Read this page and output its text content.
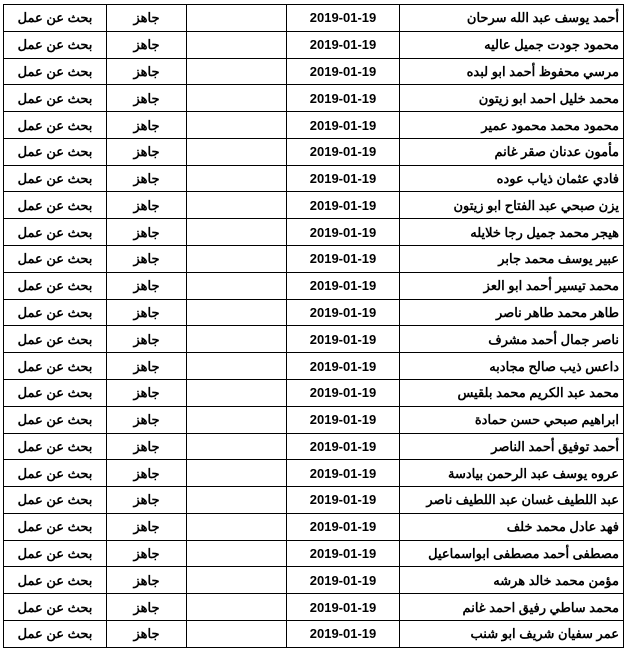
بحث عن عمل	جاهز		2019-01-19	أحمد يوسف عبد الله سرحان
بحث عن عمل	جاهز		2019-01-19	محمود جودت جميل عاليه
بحث عن عمل	جاهز		2019-01-19	مرسي محفوظ أحمد ابو لبده
بحث عن عمل	جاهز		2019-01-19	محمد خليل احمد ابو زيتون
بحث عن عمل	جاهز		2019-01-19	محمود محمد محمود عمير
بحث عن عمل	جاهز		2019-01-19	مأمون عدنان صقر غانم
بحث عن عمل	جاهز		2019-01-19	فادي عثمان ذياب عوده
بحث عن عمل	جاهز		2019-01-19	يزن صبحي عبد الفتاح ابو زيتون
بحث عن عمل	جاهز		2019-01-19	هيجر محمد جميل رجا خلايله
بحث عن عمل	جاهز		2019-01-19	عبير يوسف محمد جابر
بحث عن عمل	جاهز		2019-01-19	محمد تيسير أحمد ابو العز
بحث عن عمل	جاهز		2019-01-19	طاهر محمد طاهر ناصر
بحث عن عمل	جاهز		2019-01-19	ناصر جمال أحمد مشرف
بحث عن عمل	جاهز		2019-01-19	داعس ذيب صالح مجادبه
بحث عن عمل	جاهز		2019-01-19	محمد عبد الكريم محمد بلقيس
بحث عن عمل	جاهز		2019-01-19	ابراهيم صبحي حسن حمادة
بحث عن عمل	جاهز		2019-01-19	أحمد توفيق أحمد الناصر
بحث عن عمل	جاهز		2019-01-19	عروه يوسف عبد الرحمن بيادسة
بحث عن عمل	جاهز		2019-01-19	عبد اللطيف غسان عبد اللطيف ناصر
بحث عن عمل	جاهز		2019-01-19	فهد عادل محمد خلف
بحث عن عمل	جاهز		2019-01-19	مصطفى أحمد مصطفى ابواسماعيل
بحث عن عمل	جاهز		2019-01-19	مؤمن محمد خالد هرشه
بحث عن عمل	جاهز		2019-01-19	محمد ساطي رفيق احمد غانم
بحث عن عمل	جاهز		2019-01-19	عمر سفيان شريف ابو شنب
